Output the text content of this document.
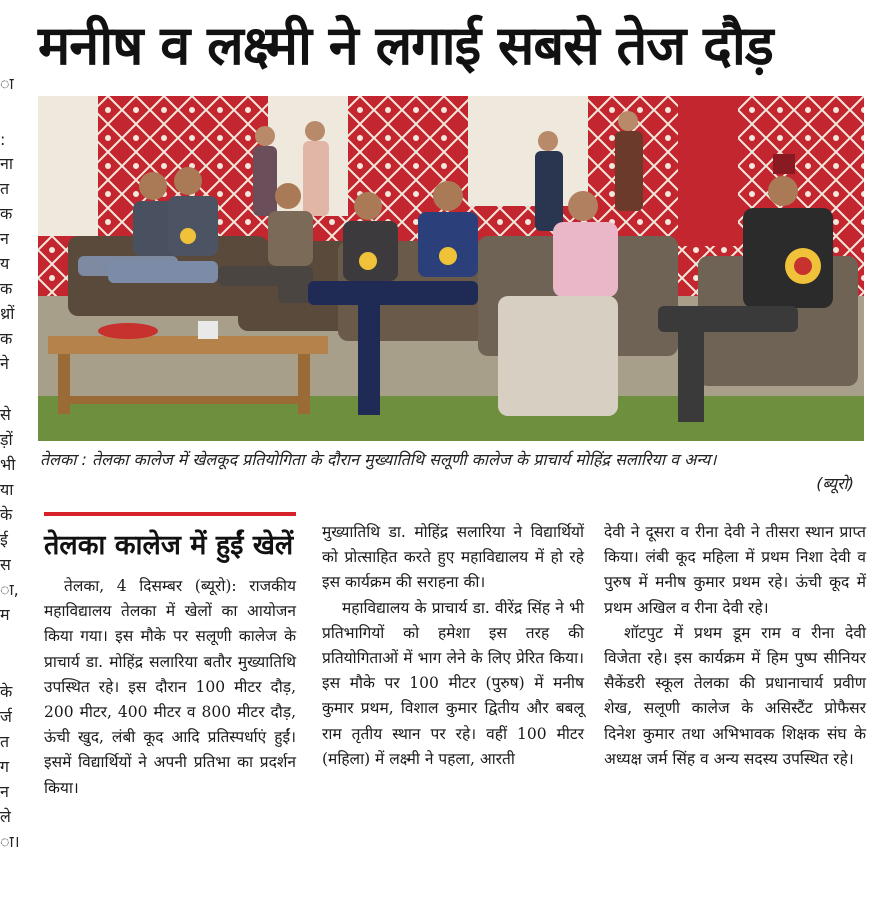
ा
:
ना
त
क
न
य
क
थ्रों
क
ने
से
ड़ों
भी
या
के
ई
स
ा,
म
के
र्ज
त
ग
न
ले
ा।
मनीष व लक्ष्मी ने लगाई सबसे तेज दौड़
तेलका : तेलका कालेज में खेलकूद प्रतियोगिता के दौरान मुख्यातिथि सलूणी कालेज के प्राचार्य मोहिंद्र सलारिया व अन्य।
(ब्यूरो)
तेलका कालेज में हुईं खेलें

तेलका, 4 दिसम्बर (ब्यूरो): राजकीय महाविद्यालय तेलका में खेलों का आयोजन किया गया। इस मौके पर सलूणी कालेज के प्राचार्य डा. मोहिंद्र सलारिया बतौर मुख्यातिथि उपस्थित रहे। इस दौरान 100 मीटर दौड़, 200 मीटर, 400 मीटर व 800 मीटर दौड़, ऊंची खुद, लंबी कूद आदि प्रतिस्पर्धाएं हुईं। इसमें विद्यार्थियों ने अपनी प्रतिभा का प्रदर्शन किया।

मुख्यातिथि डा. मोहिंद्र सलारिया ने विद्यार्थियों को प्रोत्साहित करते हुए महाविद्यालय में हो रहे इस कार्यक्रम की सराहना की।

महाविद्यालय के प्राचार्य डा. वीरेंद्र सिंह ने भी प्रतिभागियों को हमेशा इस तरह की प्रतियोगिताओं में भाग लेने के लिए प्रेरित किया। इस मौके पर 100 मीटर (पुरुष) में मनीष कुमार प्रथम, विशाल कुमार द्वितीय और बबलू राम तृतीय स्थान पर रहे। वहीं 100 मीटर (महिला) में लक्ष्मी ने पहला, आरती

देवी ने दूसरा व रीना देवी ने तीसरा स्थान प्राप्त किया। लंबी कूद महिला में प्रथम निशा देवी व पुरुष में मनीष कुमार प्रथम रहे। ऊंची कूद में प्रथम अखिल व रीना देवी रहे।

शॉटपुट में प्रथम डूम राम व रीना देवी विजेता रहे। इस कार्यक्रम में हिम पुष्प सीनियर सैकेंडरी स्कूल तेलका की प्रधानाचार्य प्रवीण शेख, सलूणी कालेज के असिस्टैंट प्रोफैसर दिनेश कुमार तथा अभिभावक शिक्षक संघ के अध्यक्ष जर्म सिंह व अन्य सदस्य उपस्थित रहे।
